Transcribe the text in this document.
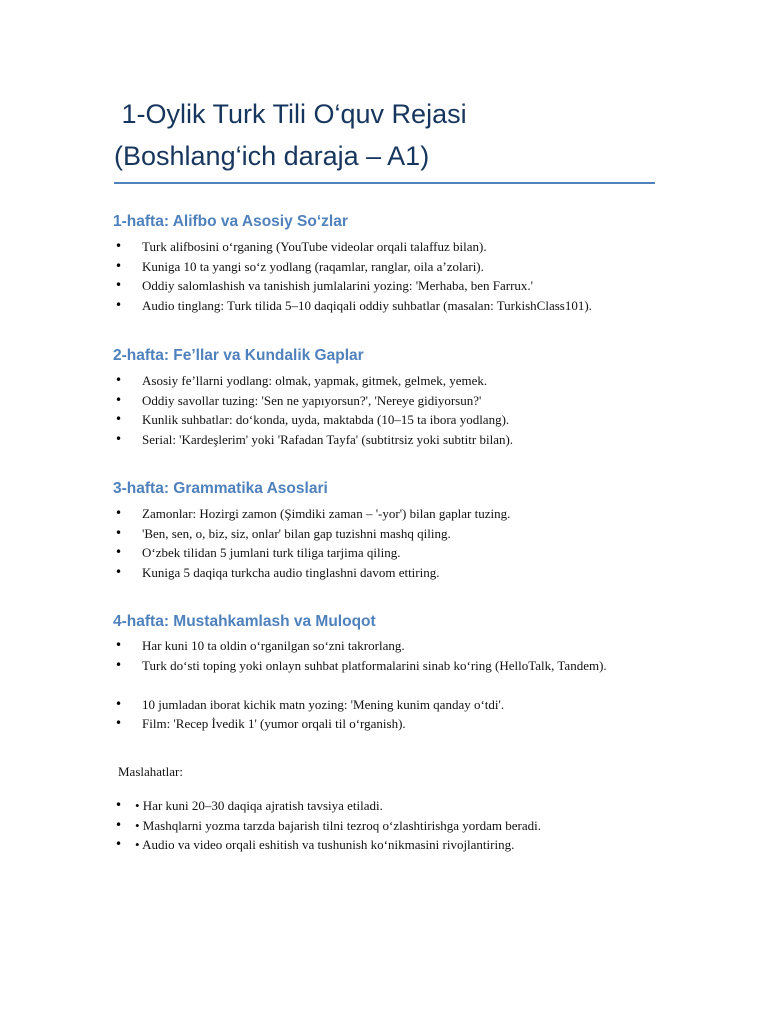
1-Oylik Turk Tili O‘quv Rejasi

(Boshlang‘ich daraja – A1)

1-hafta: Alifbo va Asosiy So‘zlar
• Turk alifbosini o‘rganing (YouTube videolar orqali talaffuz bilan).
• Kuniga 10 ta yangi so‘z yodlang (raqamlar, ranglar, oila a’zolari).
• Oddiy salomlashish va tanishish jumlalarini yozing: 'Merhaba, ben Farrux.'
• Audio tinglang: Turk tilida 5–10 daqiqali oddiy suhbatlar (masalan: TurkishClass101).
2-hafta: Fe’llar va Kundalik Gaplar
• Asosiy fe’llarni yodlang: olmak, yapmak, gitmek, gelmek, yemek.
• Oddiy savollar tuzing: 'Sen ne yapıyorsun?', 'Nereye gidiyorsun?'
• Kunlik suhbatlar: do‘konda, uyda, maktabda (10–15 ta ibora yodlang).
• Serial: 'Kardeşlerim' yoki 'Rafadan Tayfa' (subtitrsiz yoki subtitr bilan).
3-hafta: Grammatika Asoslari
• Zamonlar: Hozirgi zamon (Şimdiki zaman – '-yor') bilan gaplar tuzing.
• 'Ben, sen, o, biz, siz, onlar' bilan gap tuzishni mashq qiling.
• O‘zbek tilidan 5 jumlani turk tiliga tarjima qiling.
• Kuniga 5 daqiqa turkcha audio tinglashni davom ettiring.
4-hafta: Mustahkamlash va Muloqot
• Har kuni 10 ta oldin o‘rganilgan so‘zni takrorlang.
• Turk do‘sti toping yoki onlayn suhbat platformalarini sinab ko‘ring (HelloTalk, Tandem).
• 10 jumladan iborat kichik matn yozing: 'Mening kunim qanday o‘tdi'.
• Film: 'Recep İvedik 1' (yumor orqali til o‘rganish).

Maslahatlar:

• • Har kuni 20–30 daqiqa ajratish tavsiya etiladi.
• • Mashqlarni yozma tarzda bajarish tilni tezroq o‘zlashtirishga yordam beradi.
• • Audio va video orqali eshitish va tushunish ko‘nikmasini rivojlantiring.
